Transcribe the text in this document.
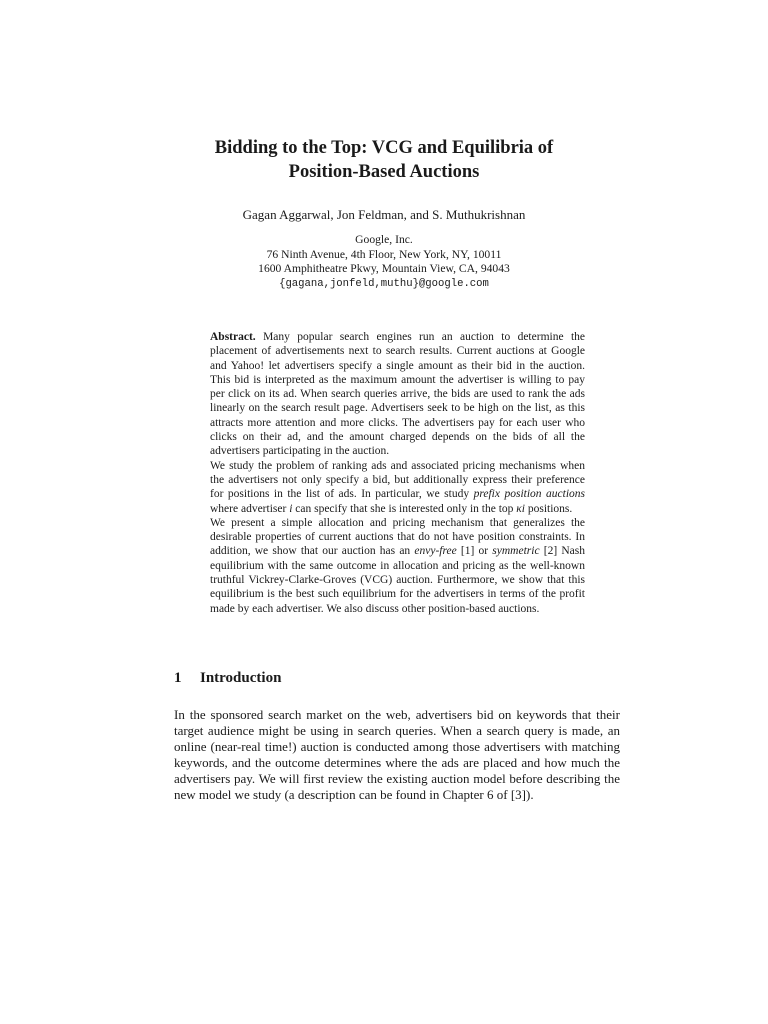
Bidding to the Top: VCG and Equilibria of
Position-Based Auctions
Gagan Aggarwal, Jon Feldman, and S. Muthukrishnan
Google, Inc.
76 Ninth Avenue, 4th Floor, New York, NY, 10011
1600 Amphitheatre Pkwy, Mountain View, CA, 94043
{gagana,jonfeld,muthu}@google.com

Abstract. Many popular search engines run an auction to determine the placement of advertisements next to search results. Current auctions at Google and Yahoo! let advertisers specify a single amount as their bid in the auction. This bid is interpreted as the maximum amount the advertiser is willing to pay per click on its ad. When search queries arrive, the bids are used to rank the ads linearly on the search result page. Advertisers seek to be high on the list, as this attracts more attention and more clicks. The advertisers pay for each user who clicks on their ad, and the amount charged depends on the bids of all the advertisers participating in the auction.

We study the problem of ranking ads and associated pricing mechanisms when the advertisers not only specify a bid, but additionally express their preference for positions in the list of ads. In particular, we study prefix position auctions where advertiser i can specify that she is interested only in the top κi positions.

We present a simple allocation and pricing mechanism that generalizes the desirable properties of current auctions that do not have position constraints. In addition, we show that our auction has an envy-free [1] or symmetric [2] Nash equilibrium with the same outcome in allocation and pricing as the well-known truthful Vickrey-Clarke-Groves (VCG) auction. Furthermore, we show that this equilibrium is the best such equilibrium for the advertisers in terms of the profit made by each advertiser. We also discuss other position-based auctions.

1 Introduction

In the sponsored search market on the web, advertisers bid on keywords that their target audience might be using in search queries. When a search query is made, an online (near-real time!) auction is conducted among those advertisers with matching keywords, and the outcome determines where the ads are placed and how much the advertisers pay. We will first review the existing auction model before describing the new model we study (a description can be found in Chapter 6 of [3]).
